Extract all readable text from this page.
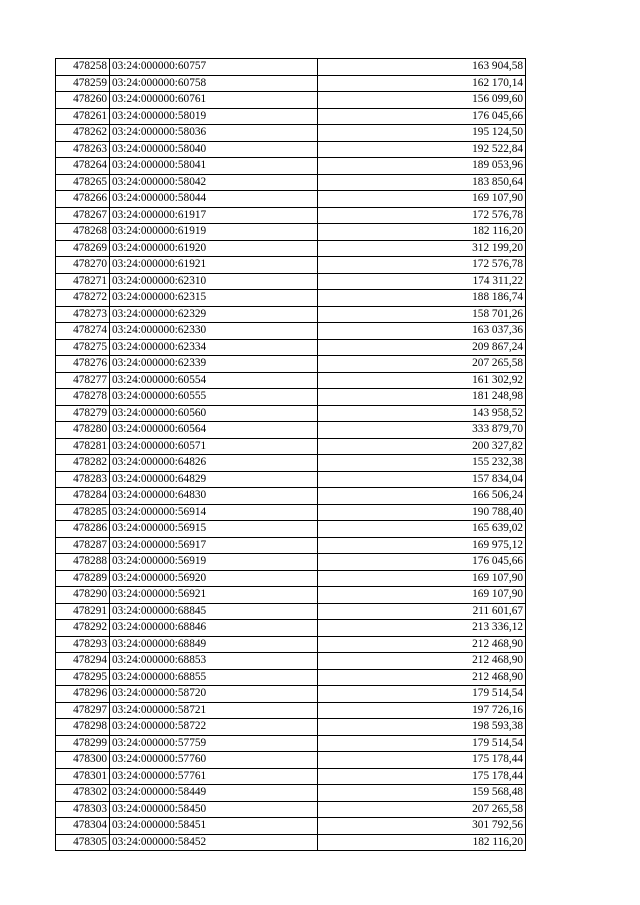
478258	03:24:000000:60757	163 904,58
478259	03:24:000000:60758	162 170,14
478260	03:24:000000:60761	156 099,60
478261	03:24:000000:58019	176 045,66
478262	03:24:000000:58036	195 124,50
478263	03:24:000000:58040	192 522,84
478264	03:24:000000:58041	189 053,96
478265	03:24:000000:58042	183 850,64
478266	03:24:000000:58044	169 107,90
478267	03:24:000000:61917	172 576,78
478268	03:24:000000:61919	182 116,20
478269	03:24:000000:61920	312 199,20
478270	03:24:000000:61921	172 576,78
478271	03:24:000000:62310	174 311,22
478272	03:24:000000:62315	188 186,74
478273	03:24:000000:62329	158 701,26
478274	03:24:000000:62330	163 037,36
478275	03:24:000000:62334	209 867,24
478276	03:24:000000:62339	207 265,58
478277	03:24:000000:60554	161 302,92
478278	03:24:000000:60555	181 248,98
478279	03:24:000000:60560	143 958,52
478280	03:24:000000:60564	333 879,70
478281	03:24:000000:60571	200 327,82
478282	03:24:000000:64826	155 232,38
478283	03:24:000000:64829	157 834,04
478284	03:24:000000:64830	166 506,24
478285	03:24:000000:56914	190 788,40
478286	03:24:000000:56915	165 639,02
478287	03:24:000000:56917	169 975,12
478288	03:24:000000:56919	176 045,66
478289	03:24:000000:56920	169 107,90
478290	03:24:000000:56921	169 107,90
478291	03:24:000000:68845	211 601,67
478292	03:24:000000:68846	213 336,12
478293	03:24:000000:68849	212 468,90
478294	03:24:000000:68853	212 468,90
478295	03:24:000000:68855	212 468,90
478296	03:24:000000:58720	179 514,54
478297	03:24:000000:58721	197 726,16
478298	03:24:000000:58722	198 593,38
478299	03:24:000000:57759	179 514,54
478300	03:24:000000:57760	175 178,44
478301	03:24:000000:57761	175 178,44
478302	03:24:000000:58449	159 568,48
478303	03:24:000000:58450	207 265,58
478304	03:24:000000:58451	301 792,56
478305	03:24:000000:58452	182 116,20
